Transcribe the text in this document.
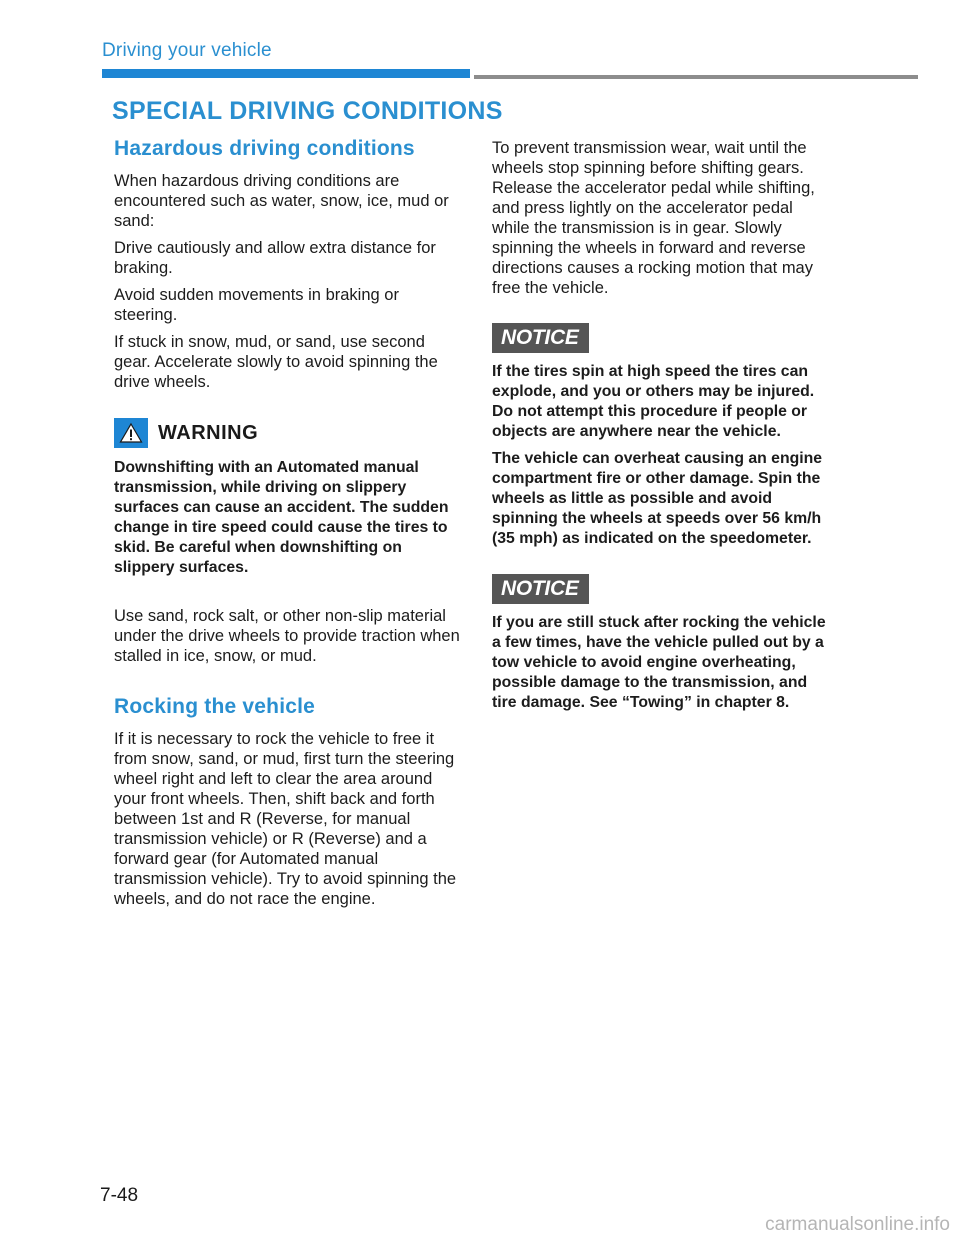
Driving your vehicle
SPECIAL DRIVING CONDITIONS
Hazardous driving conditions

When hazardous driving conditions are encountered such as water, snow, ice, mud or sand:

Drive cautiously and allow extra distance for braking.

Avoid sudden movements in braking or steering.

If stuck in snow, mud, or sand, use second gear. Accelerate slowly to avoid spinning the drive wheels.

WARNING

Downshifting with an Automated manual transmission, while driving on slippery surfaces can cause an accident. The sudden change in tire speed could cause the tires to skid. Be careful when downshifting on slippery surfaces.

Use sand, rock salt, or other non-slip material under the drive wheels to provide traction when stalled in ice, snow, or mud.

Rocking the vehicle

If it is necessary to rock the vehicle to free it from snow, sand, or mud, first turn the steering wheel right and left to clear the area around your front wheels. Then, shift back and forth between 1st and R (Reverse, for manual transmission vehicle) or R (Reverse) and a forward gear (for Automated manual transmission vehicle). Try to avoid spinning the wheels, and do not race the engine.

To prevent transmission wear, wait until the wheels stop spinning before shifting gears. Release the accelerator pedal while shifting, and press lightly on the accelerator pedal while the transmission is in gear. Slowly spinning the wheels in forward and reverse directions causes a rocking motion that may free the vehicle.

NOTICE

If the tires spin at high speed the tires can explode, and you or others may be injured. Do not attempt this procedure if people or objects are anywhere near the vehicle.

The vehicle can overheat causing an engine compartment fire or other damage. Spin the wheels as little as possible and avoid spinning the wheels at speeds over 56 km/h (35 mph) as indicated on the speedometer.

NOTICE

If you are still stuck after rocking the vehicle a few times, have the vehicle pulled out by a tow vehicle to avoid engine overheating, possible damage to the transmission, and tire damage. See “Towing” in chapter 8.

7-48
carmanualsonline.info
